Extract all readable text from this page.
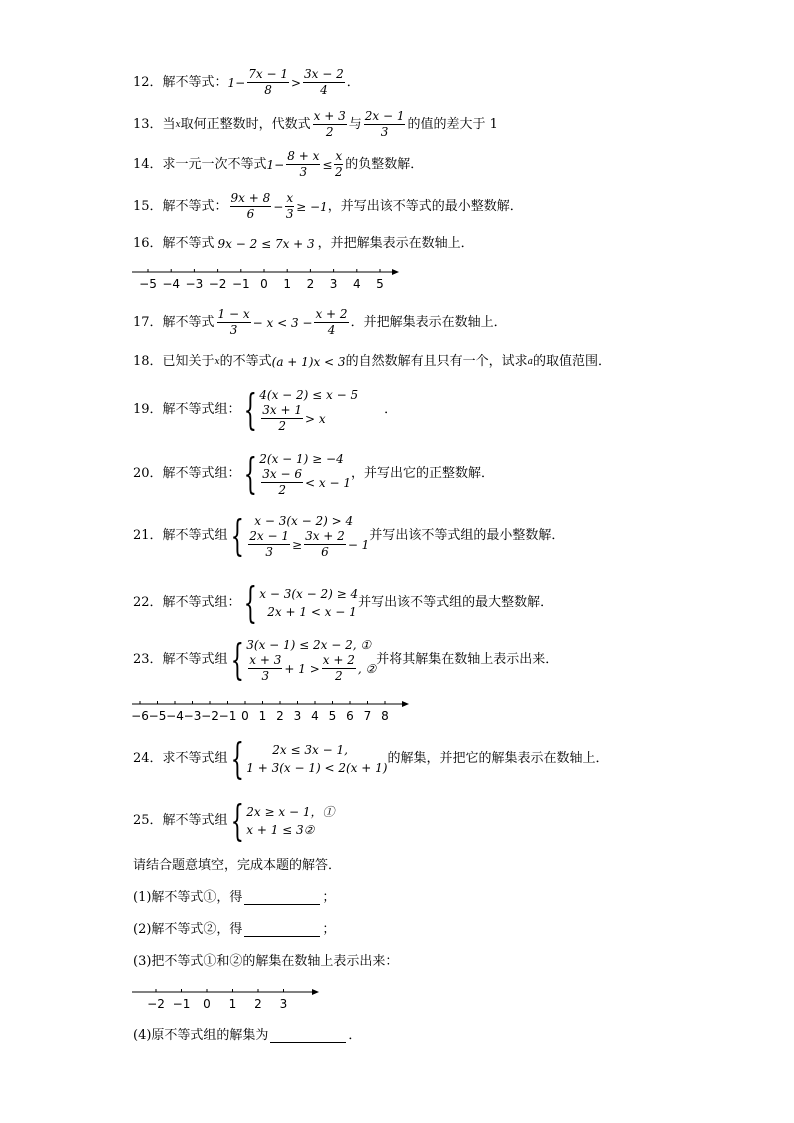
12．解不等式： $1- \frac{7x - 1}{8} > \frac{3x - 2}{4}$ ．
13．当 x 取何正整数时，代数式 $\frac{x + 3}{2}$ 与 $\frac{2x - 1}{3}$ 的值的差大于 1
14．求一元一次不等式 $1- \frac{8 + x}{3} \le \frac{x}{2}$ 的负整数解．
15．解不等式： $\frac{9x + 8}{6} - \frac{x}{3} \ge -1$ ，并写出该不等式的最小整数解．
16．解不等式 9x − 2 ≤ 7x + 3 ，并把解集表示在数轴上．
−5 −4 −3 −2 −1 0 1 2 3 4 5
17．解不等式 $\frac{1 - x}{3} - x < 3 - \frac{x + 2}{4}$ ．并把解集表示在数轴上．
18．已知关于 x 的不等式 (a + 1)x < 3 的自然数解有且只有一个，试求 a 的取值范围．
19．解不等式组： { 4(x − 2) ≤ x − 5
$\frac{3x + 1}{2} > x$
．
20．解不等式组： { 2(x − 1) ≥ −4
$\frac{3x - 6}{2} < x - 1$
，并写出它的正整数解．
21．解不等式组 { x − 3(x − 2) > 4
$\frac{2x - 1}{3} \ge \frac{3x + 2}{6} - 1$
并写出该不等式组的最小整数解．
22．解不等式组： { x − 3(x − 2) ≥ 4
2x + 1 < x − 1
并写出该不等式组的最大整数解．
23．解不等式组 { 3(x − 1) ≤ 2x − 2, ①
$\frac{x + 3}{3} + 1 > \frac{x + 2}{2}$ , ②
并将其解集在数轴上表示出来．
−6 −5 −4 −3 −2 −1 0 1 2 3 4 5 6 7 8
24．求不等式组 {	2x ≤ 3x − 1,
1 + 3(x − 1) < 2(x + 1)
的解集，并把它的解集表示在数轴上．
25．解不等式组 { 2x ≥ x − 1，①
x + 1 ≤ 3②
请结合题意填空，完成本题的解答．
(1)解不等式①，得	；
(2)解不等式②，得	；
(3)把不等式①和②的解集在数轴上表示出来：
−2 −1 0 1 2 3
(4)原不等式组的解集为	．
